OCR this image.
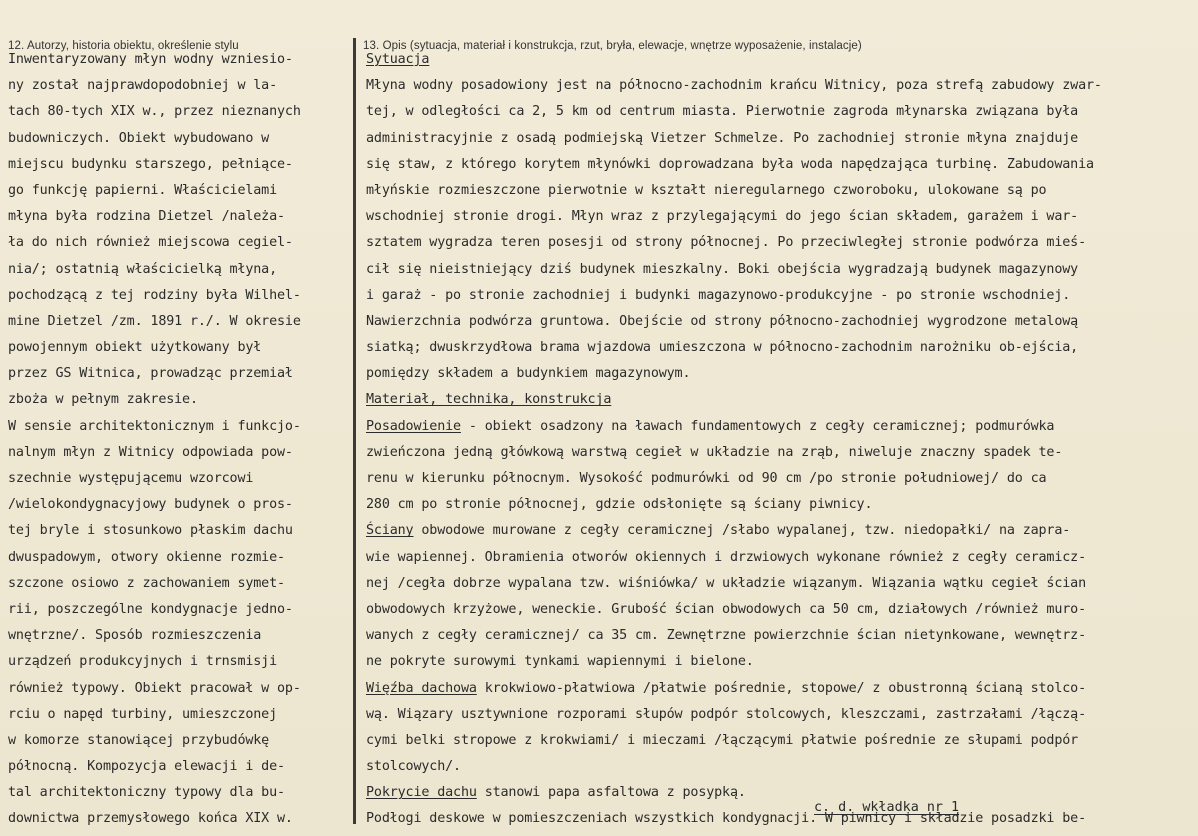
12. Autorzy, historia obiektu, określenie stylu	13. Opis (sytuacja, materiał i konstrukcja, rzut, bryła, elewacje, wnętrze wyposażenie, instalacje)
Inwentaryzowany młyn wodny wzniesio-
ny został najprawdopodobniej w la-
tach 80-tych XIX w., przez nieznanych
budowniczych. Obiekt wybudowano w
miejscu budynku starszego, pełniące-
go funkcję papierni. Właścicielami
młyna była rodzina Dietzel /należa-
ła do nich również miejscowa cegiel-
nia/; ostatnią właścicielką młyna,
pochodzącą z tej rodziny była Wilhel-
mine Dietzel /zm. 1891 r./. W okresie
powojennym obiekt użytkowany był
przez GS Witnica, prowadząc przemiał
zboża w pełnym zakresie.
W sensie architektonicznym i funkcjo-
nalnym młyn z Witnicy odpowiada pow-
szechnie występującemu wzorcowi
/wielokondygnacyjowy budynek o pros-
tej bryle i stosunkowo płaskim dachu
dwuspadowym, otwory okienne rozmie-
szczone osiowo z zachowaniem symet-
rii, poszczególne kondygnacje jedno-
wnętrzne/. Sposób rozmieszczenia
urządzeń produkcyjnych i trnsmisji
również typowy. Obiekt pracował w op-
rciu o napęd turbiny, umieszczonej
w komorze stanowiącej przybudówkę
północną. Kompozycja elewacji i de-
tal architektoniczny typowy dla bu-
downictwa przemysłowego końca XIX w.
Sytuacja
Młyna wodny posadowiony jest na północno-zachodnim krańcu Witnicy, poza strefą zabudowy zwar-
tej, w odległości ca 2, 5 km od centrum miasta. Pierwotnie zagroda młynarska związana była
administracyjnie z osadą podmiejską Vietzer Schmelze. Po zachodniej stronie młyna znajduje
się staw, z którego korytem młynówki doprowadzana była woda napędzająca turbinę. Zabudowania
młyńskie rozmieszczone pierwotnie w kształt nieregularnego czworoboku, ulokowane są po
wschodniej stronie drogi. Młyn wraz z przylegającymi do jego ścian składem, garażem i war-
sztatem wygradza teren posesji od strony północnej. Po przeciwległej stronie podwórza mieś-
cił się nieistniejący dziś budynek mieszkalny. Boki obejścia wygradzają budynek magazynowy
i garaż - po stronie zachodniej i budynki magazynowo-produkcyjne - po stronie wschodniej.
Nawierzchnia podwórza gruntowa. Obejście od strony północno-zachodniej wygrodzone metalową
siatką; dwuskrzydłowa brama wjazdowa umieszczona w północno-zachodnim narożniku ob-ejścia,
pomiędzy składem a budynkiem magazynowym.
Materiał, technika, konstrukcja
Posadowienie - obiekt osadzony na ławach fundamentowych z cegły ceramicznej; podmurówka
zwieńczona jedną główkową warstwą cegieł w układzie na zrąb, niweluje znaczny spadek te-
renu w kierunku północnym. Wysokość podmurówki od 90 cm /po stronie południowej/ do ca
280 cm po stronie północnej, gdzie odsłonięte są ściany piwnicy.
Ściany obwodowe murowane z cegły ceramicznej /słabo wypalanej, tzw. niedopałki/ na zapra-
wie wapiennej. Obramienia otworów okiennych i drzwiowych wykonane również z cegły ceramicz-
nej /cegła dobrze wypalana tzw. wiśniówka/ w układzie wiązanym. Wiązania wątku cegieł ścian
obwodowych krzyżowe, weneckie. Grubość ścian obwodowych ca 50 cm, działowych /również muro-
wanych z cegły ceramicznej/ ca 35 cm. Zewnętrzne powierzchnie ścian nietynkowane, wewnętrz-
ne pokryte surowymi tynkami wapiennymi i bielone.
Więźba dachowa krokwiowo-płatwiowa /płatwie pośrednie, stopowe/ z obustronną ścianą stolco-
wą. Wiązary usztywnione rozporami słupów podpór stolcowych, kleszczami, zastrzałami /łączą-
cymi belki stropowe z krokwiami/ i mieczami /łączącymi płatwie pośrednie ze słupami podpór
stolcowych/.
Pokrycie dachu stanowi papa asfaltowa z posypką.
Podłogi deskowe w pomieszczeniach wszystkich kondygnacji. W piwnicy i składzie posadzki be-
c. d. wkładka nr 1
